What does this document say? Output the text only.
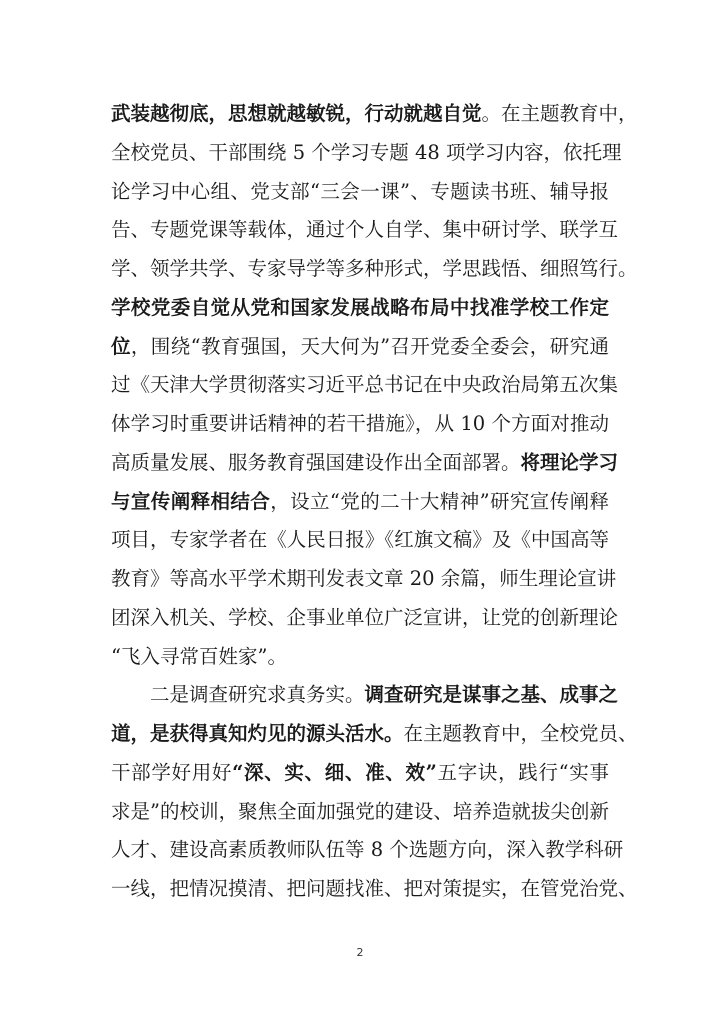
武装越彻底，思想就越敏锐，行动就越自觉。在主题教育中，
全校党员、干部围绕 5 个学习专题 48 项学习内容，依托理
论学习中心组、党支部“三会一课”、专题读书班、辅导报
告、专题党课等载体，通过个人自学、集中研讨学、联学互
学、领学共学、专家导学等多种形式，学思践悟、细照笃行。
学校党委自觉从党和国家发展战略布局中找准学校工作定
位，围绕“教育强国，天大何为”召开党委全委会，研究通
过《天津大学贯彻落实习近平总书记在中央政治局第五次集
体学习时重要讲话精神的若干措施》，从 10 个方面对推动
高质量发展、服务教育强国建设作出全面部署。将理论学习
与宣传阐释相结合，设立“党的二十大精神”研究宣传阐释
项目，专家学者在《人民日报》《红旗文稿》及《中国高等
教育》等高水平学术期刊发表文章 20 余篇，师生理论宣讲
团深入机关、学校、企事业单位广泛宣讲，让党的创新理论
“飞入寻常百姓家”。
　　二是调查研究求真务实。调查研究是谋事之基、成事之
道，是获得真知灼见的源头活水。在主题教育中，全校党员、
干部学好用好“深、实、细、准、效”五字诀，践行“实事
求是”的校训，聚焦全面加强党的建设、培养造就拔尖创新
人才、建设高素质教师队伍等 8 个选题方向，深入教学科研
一线，把情况摸清、把问题找准、把对策提实，在管党治党、
2
